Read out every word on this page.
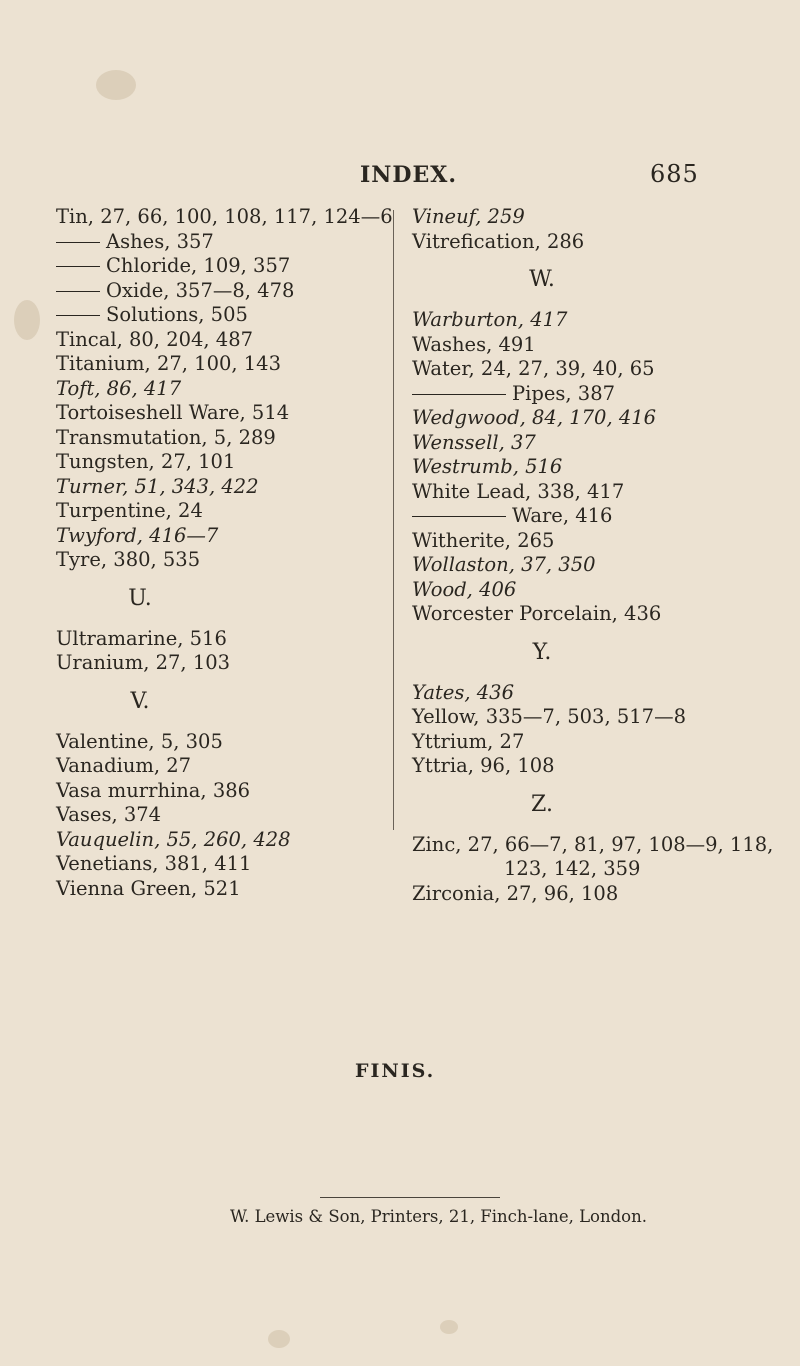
INDEX.	685
Tin, 27, 66, 100, 108, 117, 124—6
Ashes, 357
Chloride, 109, 357
Oxide, 357—8, 478
Solutions, 505
Tincal, 80, 204, 487
Titanium, 27, 100, 143
Toft, 86, 417
Tortoiseshell Ware, 514
Transmutation, 5, 289
Tungsten, 27, 101
Turner, 51, 343, 422
Turpentine, 24
Twyford, 416—7
Tyre, 380, 535
U.
Ultramarine, 516
Uranium, 27, 103
V.
Valentine, 5, 305
Vanadium, 27
Vasa murrhina, 386
Vases, 374
Vauquelin, 55, 260, 428
Venetians, 381, 411
Vienna Green, 521
Vineuf, 259
Vitrefication, 286
W.
Warburton, 417
Washes, 491
Water, 24, 27, 39, 40, 65
Pipes, 387
Wedgwood, 84, 170, 416
Wenssell, 37
Westrumb, 516
White Lead, 338, 417
Ware, 416
Witherite, 265
Wollaston, 37, 350
Wood, 406
Worcester Porcelain, 436
Y.
Yates, 436
Yellow, 335—7, 503, 517—8
Yttrium, 27
Yttria, 96, 108
Z.
Zinc, 27, 66—7, 81, 97, 108—9, 118,
123, 142, 359
Zirconia, 27, 96, 108
FINIS.
W. Lewis & Son, Printers, 21, Finch-lane, London.
